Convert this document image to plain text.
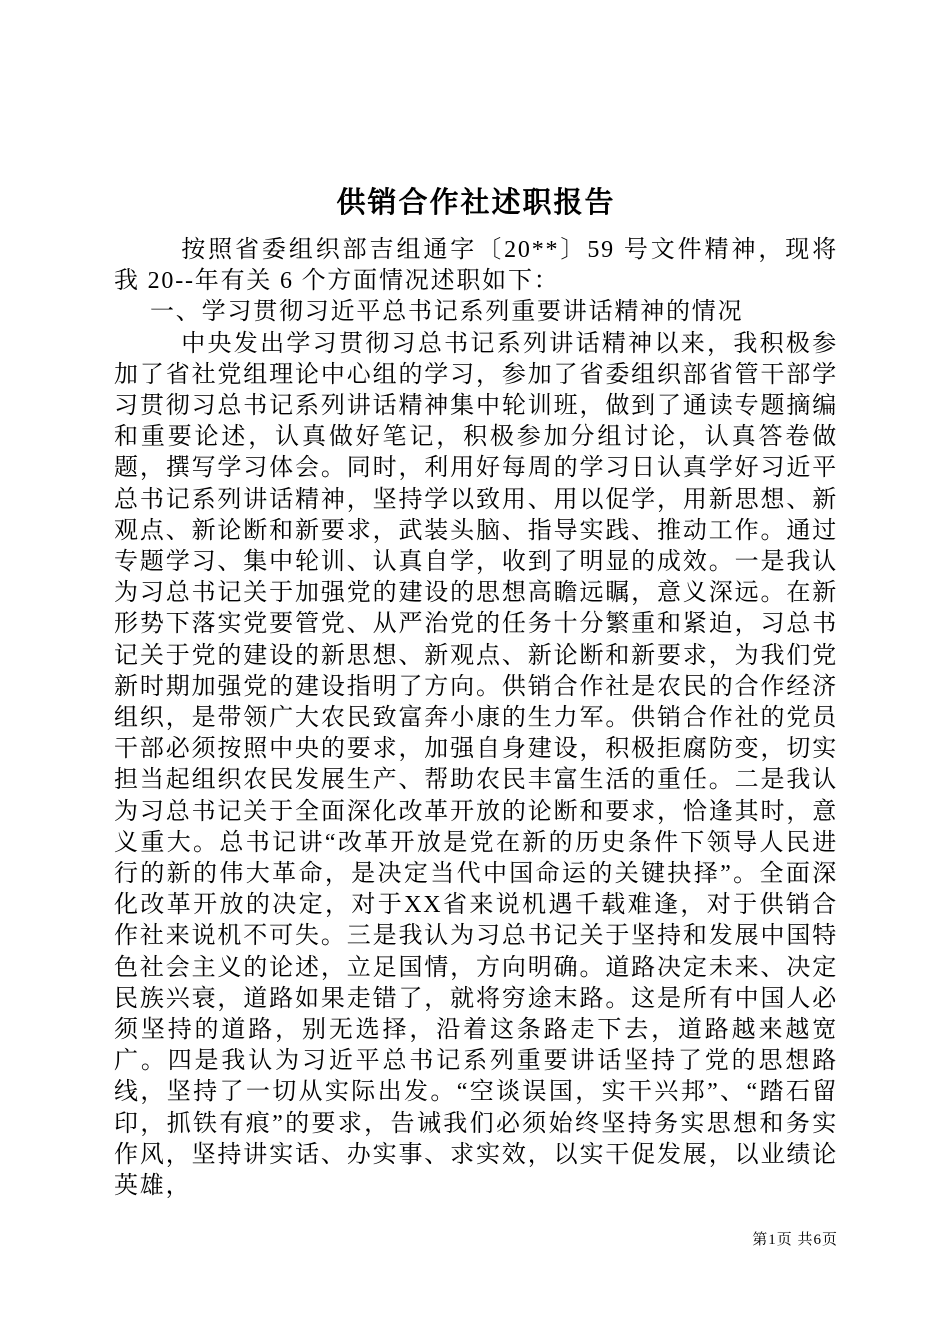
供销合作社述职报告

按照省委组织部吉组通字〔20**〕59 号文件精神，现将我 20--年有关 6 个方面情况述职如下：

一、学习贯彻习近平总书记系列重要讲话精神的情况

中央发出学习贯彻习总书记系列讲话精神以来，我积极参加了省社党组理论中心组的学习，参加了省委组织部省管干部学习贯彻习总书记系列讲话精神集中轮训班，做到了通读专题摘编和重要论述，认真做好笔记，积极参加分组讨论，认真答卷做题，撰写学习体会。同时，利用好每周的学习日认真学好习近平总书记系列讲话精神，坚持学以致用、用以促学，用新思想、新观点、新论断和新要求，武装头脑、指导实践、推动工作。通过专题学习、集中轮训、认真自学，收到了明显的成效。一是我认为习总书记关于加强党的建设的思想高瞻远瞩，意义深远。在新形势下落实党要管党、从严治党的任务十分繁重和紧迫，习总书记关于党的建设的新思想、新观点、新论断和新要求，为我们党新时期加强党的建设指明了方向。供销合作社是农民的合作经济组织，是带领广大农民致富奔小康的生力军。供销合作社的党员干部必须按照中央的要求，加强自身建设，积极拒腐防变，切实担当起组织农民发展生产、帮助农民丰富生活的重任。二是我认为习总书记关于全面深化改革开放的论断和要求，恰逢其时，意义重大。总书记讲“改革开放是党在新的历史条件下领导人民进行的新的伟大革命，是决定当代中国命运的关键抉择”。全面深化改革开放的决定，对于XX省来说机遇千载难逢，对于供销合作社来说机不可失。三是我认为习总书记关于坚持和发展中国特色社会主义的论述，立足国情，方向明确。道路决定未来、决定民族兴衰，道路如果走错了，就将穷途末路。这是所有中国人必须坚持的道路，别无选择，沿着这条路走下去，道路越来越宽广。四是我认为习近平总书记系列重要讲话坚持了党的思想路线，坚持了一切从实际出发。“空谈误国，实干兴邦”、“踏石留印，抓铁有痕”的要求，告诫我们必须始终坚持务实思想和务实作风，坚持讲实话、办实事、求实效，以实干促发展，以业绩论英雄，

第1页 共6页
